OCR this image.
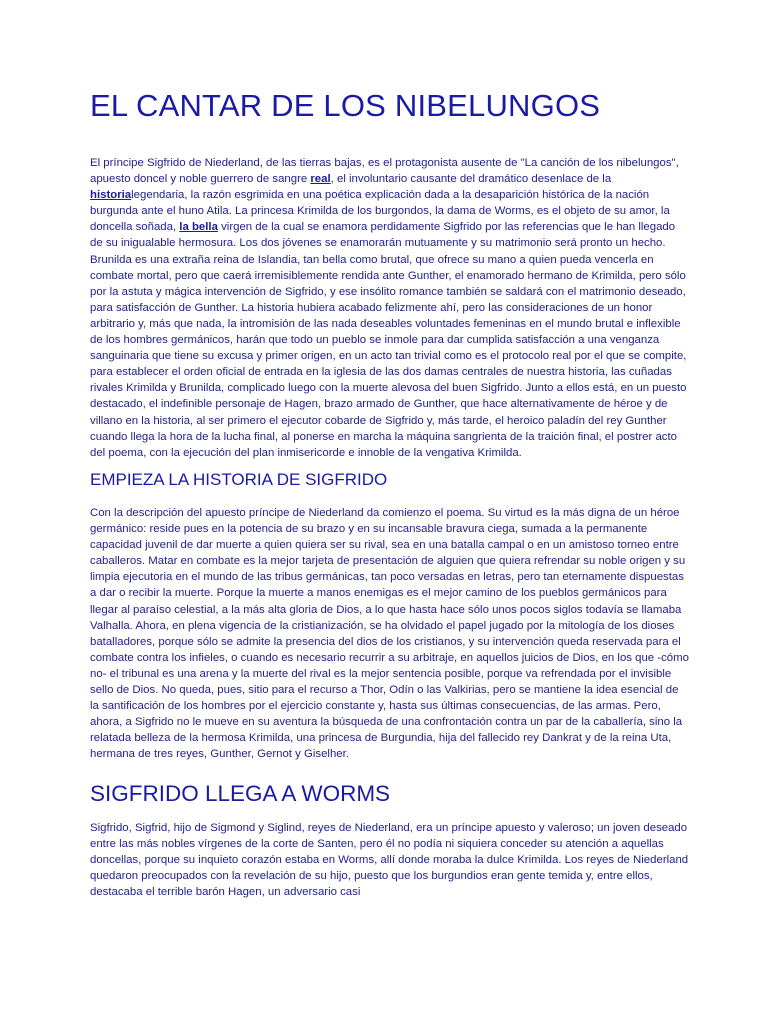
EL CANTAR DE LOS NIBELUNGOS

El príncipe Sigfrido de Niederland, de las tierras bajas, es el protagonista ausente de "La canción de los nibelungos", apuesto doncel y noble guerrero de sangre real, el involuntario causante del dramático desenlace de la historialegendaria, la razón esgrimida en una poética explicación dada a la desaparición histórica de la nación burgunda ante el huno Atila. La princesa Krimilda de los burgondos, la dama de Worms, es el objeto de su amor, la doncella soñada, la bella virgen de la cual se enamora perdidamente Sigfrido por las referencias que le han llegado de su inigualable hermosura. Los dos jóvenes se enamorarán mutuamente y su matrimonio será pronto un hecho. Brunilda es una extraña reina de Islandia, tan bella como brutal, que ofrece su mano a quien pueda vencerla en combate mortal, pero que caerá irremisiblemente rendida ante Gunther, el enamorado hermano de Krimilda, pero sólo por la astuta y mágica intervención de Sigfrido, y ese insólito romance también se saldará con el matrimonio deseado, para satisfacción de Gunther. La historia hubiera acabado felizmente ahí, pero las consideraciones de un honor arbitrario y, más que nada, la intromisión de las nada deseables voluntades femeninas en el mundo brutal e inflexible de los hombres germánicos, harán que todo un pueblo se inmole para dar cumplida satisfacción a una venganza sanguinaria que tiene su excusa y primer origen, en un acto tan trivial como es el protocolo real por el que se compite, para establecer el orden oficial de entrada en la iglesia de las dos damas centrales de nuestra historia, las cuñadas rivales Krimilda y Brunilda, complicado luego con la muerte alevosa del buen Sigfrido. Junto a ellos está, en un puesto destacado, el indefinible personaje de Hagen, brazo armado de Gunther, que hace alternativamente de héroe y de villano en la historia, al ser primero el ejecutor cobarde de Sigfrido y, más tarde, el heroico paladín del rey Gunther cuando llega la hora de la lucha final, al ponerse en marcha la máquina sangrienta de la traición final, el postrer acto del poema, con la ejecución del plan inmisericorde e innoble de la vengativa Krimilda.

EMPIEZA LA HISTORIA DE SIGFRIDO

Con la descripción del apuesto príncipe de Niederland da comienzo el poema. Su virtud es la más digna de un héroe germánico: reside pues en la potencia de su brazo y en su incansable bravura ciega, sumada a la permanente capacidad juvenil de dar muerte a quien quiera ser su rival, sea en una batalla campal o en un amistoso torneo entre caballeros. Matar en combate es la mejor tarjeta de presentación de alguien que quiera refrendar su noble origen y su limpia ejecutoria en el mundo de las tribus germánicas, tan poco versadas en letras, pero tan eternamente dispuestas a dar o recibir la muerte. Porque la muerte a manos enemigas es el mejor camino de los pueblos germánicos para llegar al paraíso celestial, a la más alta gloria de Dios, a lo que hasta hace sólo unos pocos siglos todavía se llamaba Valhalla. Ahora, en plena vigencia de la cristianización, se ha olvidado el papel jugado por la mitología de los dioses batalladores, porque sólo se admite la presencia del dios de los cristianos, y su intervención queda reservada para el combate contra los infieles, o cuando es necesario recurrir a su arbitraje, en aquellos juicios de Dios, en los que -cómo no- el tribunal es una arena y la muerte del rival es la mejor sentencia posible, porque va refrendada por el invisible sello de Dios. No queda, pues, sitio para el recurso a Thor, Odín o las Valkirias, pero se mantiene la idea esencial de la santificación de los hombres por el ejercicio constante y, hasta sus últimas consecuencias, de las armas. Pero, ahora, a Sigfrido no le mueve en su aventura la búsqueda de una confrontación contra un par de la caballería, sino la relatada belleza de la hermosa Krimilda, una princesa de Burgundia, hija del fallecido rey Dankrat y de la reina Uta, hermana de tres reyes, Gunther, Gernot y Giselher.

SIGFRIDO LLEGA A WORMS

Sigfrido, Sigfrid, hijo de Sigmond y Siglind, reyes de Niederland, era un príncipe apuesto y valeroso; un joven deseado entre las más nobles vírgenes de la corte de Santen, pero él no podía ni siquiera conceder su atención a aquellas doncellas, porque su inquieto corazón estaba en Worms, allí donde moraba la dulce Krimilda. Los reyes de Niederland quedaron preocupados con la revelación de su hijo, puesto que los burgundios eran gente temida y, entre ellos, destacaba el terrible barón Hagen, un adversario casi
